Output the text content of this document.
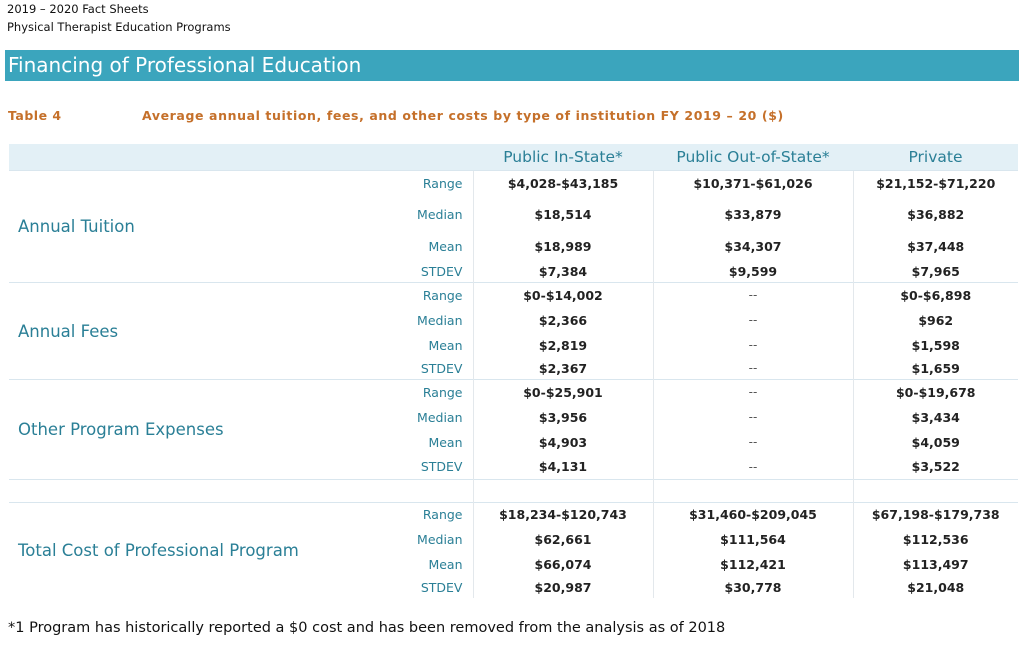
2019 – 2020 Fact Sheets
Physical Therapist Education Programs
Financing of Professional Education
Table 4	Average annual tuition, fees, and other costs by type of institution FY 2019 – 20 ($)
		Public In-State*	Public Out-of-State*	Private
Annual Tuition	Range	$4,028-$43,185	$10,371-$61,026	$21,152-$71,220
	Median	$18,514	$33,879	$36,882
	Mean	$18,989	$34,307	$37,448
	STDEV	$7,384	$9,599	$7,965
Annual Fees	Range	$0-$14,002	--	$0-$6,898
	Median	$2,366	--	$962
	Mean	$2,819	--	$1,598
	STDEV	$2,367	--	$1,659
Other Program Expenses	Range	$0-$25,901	--	$0-$19,678
	Median	$3,956	--	$3,434
	Mean	$4,903	--	$4,059
	STDEV	$4,131	--	$3,522

Total Cost of Professional Program	Range	$18,234-$120,743	$31,460-$209,045	$67,198-$179,738
	Median	$62,661	$111,564	$112,536
	Mean	$66,074	$112,421	$113,497
	STDEV	$20,987	$30,778	$21,048
*1 Program has historically reported a $0 cost and has been removed from the analysis as of 2018
